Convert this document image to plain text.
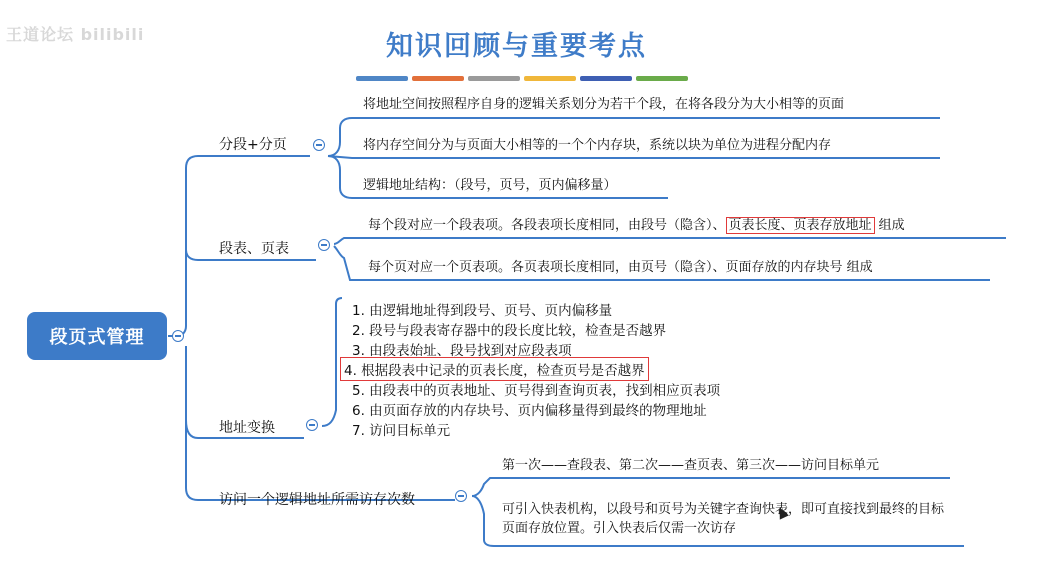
王道论坛 bilibili	知识回顾与重要考点
段页式管理
分段+分页
将地址空间按照程序自身的逻辑关系划分为若干个段，在将各段分为大小相等的页面
将内存空间分为与页面大小相等的一个个内存块，系统以块为单位为进程分配内存
逻辑地址结构：（段号，页号，页内偏移量）
段表、页表
每个段对应一个段表项。各段表项长度相同，由段号（隐含）、 页表长度、页表存放地址 组成
每个页对应一个页表项。各页表项长度相同，由页号（隐含）、页面存放的内存块号 组成
地址变换
1. 由逻辑地址得到段号、页号、页内偏移量
2. 段号与段表寄存器中的段长度比较，检查是否越界
3. 由段表始址、段号找到对应段表项
4. 根据段表中记录的页表长度，检查页号是否越界
5. 由段表中的页表地址、页号得到查询页表，找到相应页表项
6. 由页面存放的内存块号、页内偏移量得到最终的物理地址
7. 访问目标单元
访问一个逻辑地址所需访存次数
第一次——查段表、第二次——查页表、第三次——访问目标单元
可引入快表机构，以段号和页号为关键字查询快表，即可直接找到最终的目标页面存放位置。引入快表后仅需一次访存
